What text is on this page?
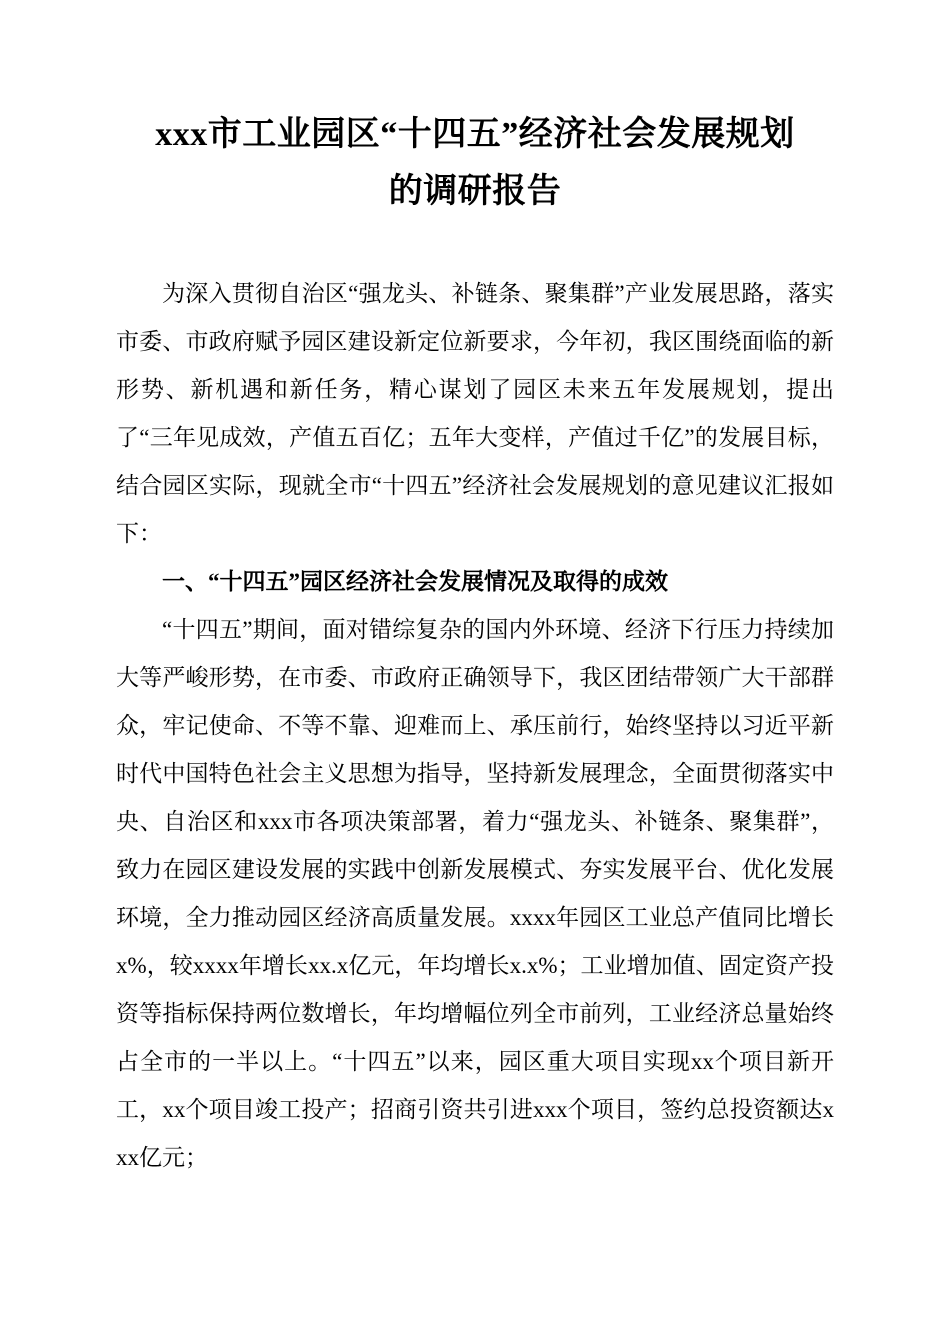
xxx市工业园区“十四五”经济社会发展规划
的调研报告

为深入贯彻自治区“强龙头、补链条、聚集群”产业发展思路，落实市委、市政府赋予园区建设新定位新要求，今年初，我区围绕面临的新形势、新机遇和新任务，精心谋划了园区未来五年发展规划，提出了“三年见成效，产值五百亿；五年大变样，产值过千亿”的发展目标，结合园区实际，现就全市“十四五”经济社会发展规划的意见建议汇报如下：

一、“十四五”园区经济社会发展情况及取得的成效

“十四五”期间，面对错综复杂的国内外环境、经济下行压力持续加大等严峻形势，在市委、市政府正确领导下，我区团结带领广大干部群众，牢记使命、不等不靠、迎难而上、承压前行，始终坚持以习近平新时代中国特色社会主义思想为指导，坚持新发展理念，全面贯彻落实中央、自治区和xxx市各项决策部署，着力“强龙头、补链条、聚集群”，致力在园区建设发展的实践中创新发展模式、夯实发展平台、优化发展环境，全力推动园区经济高质量发展。xxxx年园区工业总产值同比增长x%，较xxxx年增长xx.x亿元，年均增长x.x%；工业增加值、固定资产投资等指标保持两位数增长，年均增幅位列全市前列，工业经济总量始终占全市的一半以上。“十四五”以来，园区重大项目实现xx个项目新开工，xx个项目竣工投产；招商引资共引进xxx个项目，签约总投资额达xxx亿元；
